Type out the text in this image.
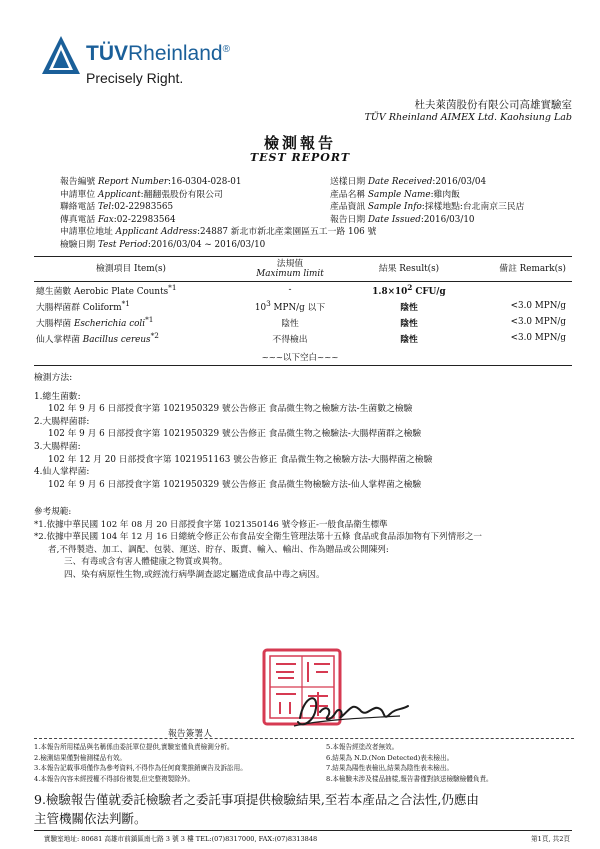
TÜVRheinland®
Precisely Right.
杜夫萊茵股份有限公司高雄實驗室
TÜV Rheinland AIMEX Ltd. Kaohsiung Lab
檢測報告
TEST REPORT
報告編號 Report Number:16-0304-028-01
申請單位 Applicant:翻翻張股份有限公司
聯絡電話 Tel:02-22983565
傳真電話 Fax:02-22983564
送樣日期 Date Received:2016/03/04
產品名稱 Sample Name:雞肉飯
產品資訊 Sample Info:採樣地點:台北南京三民店
報告日期 Date Issued:2016/03/10
申請單位地址 Applicant Address:24887 新北市新北產業園區五工一路 106 號
檢驗日期 Test Period:2016/03/04 ~ 2016/03/10
檢測項目 Item(s)	法規值
Maximum limit	結果 Result(s)	備註 Remark(s)
總生菌數 Aerobic Plate Counts$^{*1}$	-	$1.8\times 10^2$ CFU/g	
大腸桿菌群 Coliform$^{*1}$	$10^3$ MPN/g 以下	陰性	<3.0 MPN/g
大腸桿菌 Escherichia coli$^{*1}$	陰性	陰性	<3.0 MPN/g
仙人掌桿菌 Bacillus cereus$^{*2}$	不得檢出	陰性	<3.0 MPN/g
~~~以下空白~~~
檢測方法:
1.總生菌數:
102 年 9 月 6 日部授食字第 1021950329 號公告修正 食品微生物之檢驗方法-生菌數之檢驗
2.大腸桿菌群:
102 年 9 月 6 日部授食字第 1021950329 號公告修正 食品微生物之檢驗法-大腸桿菌群之檢驗
3.大腸桿菌:
102 年 12 月 20 日部授食字第 1021951163 號公告修正 食品微生物之檢驗方法-大腸桿菌之檢驗
4.仙人掌桿菌:
102 年 9 月 6 日部授食字第 1021950329 號公告修正 食品微生物檢驗方法-仙人掌桿菌之檢驗
參考規範:
*1.依據中華民國 102 年 08 月 20 日部授食字第 1021350146 號令修正-一般食品衛生標準
*2.依據中華民國 104 年 12 月 16 日總統令修正公布食品安全衛生管理法第十五條 食品或食品添加物有下列情形之一
者,不得製造、加工、調配、包裝、運送、貯存、販賣、輸入、輸出、作為贈品或公開陳列:
三、有毒或含有害人體健康之物質或異物。
四、染有病原性生物,或經流行病學調查認定屬造成食品中毒之病因。
報告簽署人
1.本報告所用樣品與名稱係由委託單位提供,實驗室僅負責檢測分析。
2.檢測結果僅對檢測樣品有效。
3.本報告記載事項僅作為參考資料,不得作為任何商業推銷廣告及訴訟用。
4.本報告內容未經授權不得部份複製,但完整複製除外。
5.本報告經塗改者無效。
6.結果為 N.D.(Non Detected)表未檢出。
7.結果為陽性表檢出,結果為陰性表未檢出。
8.本檢驗未涉及樣品抽樣,報告書僅對該送檢驗檢體負責。
9.檢驗報告僅就委託檢驗者之委託事項提供檢驗結果,至若本產品之合法性,仍應由
主管機關依法判斷。
實驗室地址: 80681 高雄市前鎮區南七路 3 號 3 樓 TEL:(07)8317000, FAX:(07)8313848	第1頁, 共2頁
